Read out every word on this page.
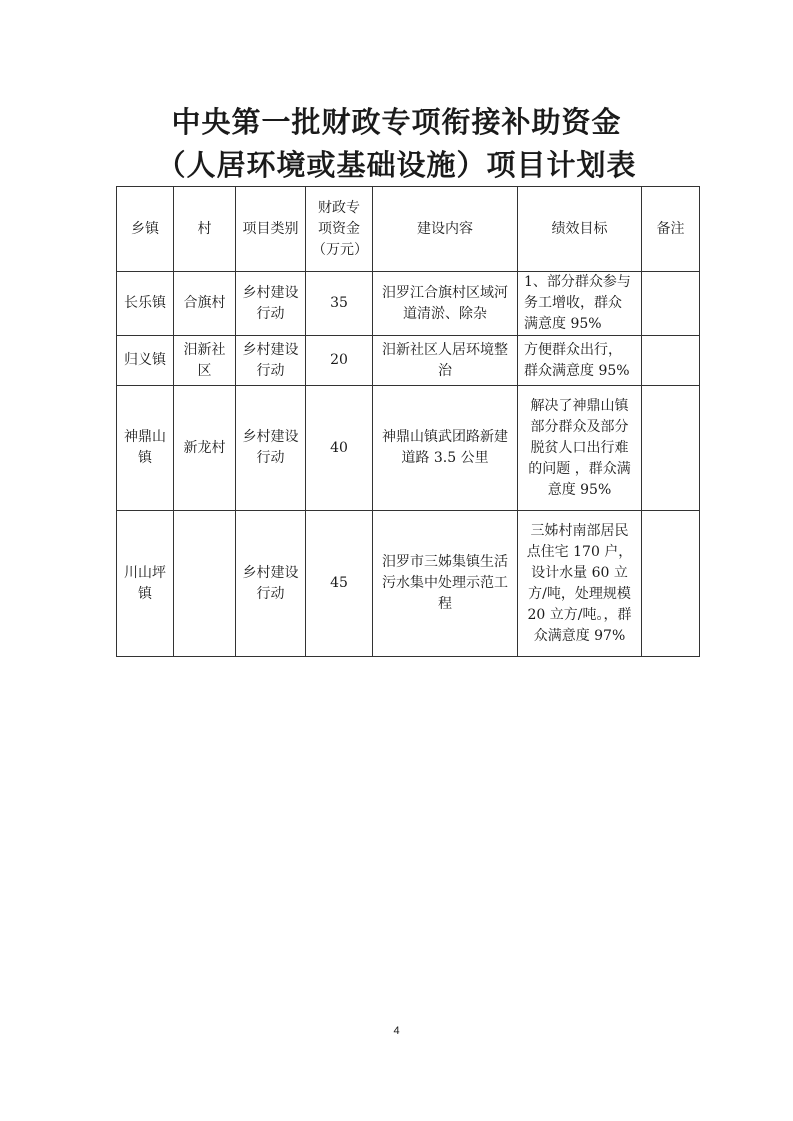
中央第一批财政专项衔接补助资金
（人居环境或基础设施）项目计划表
乡镇	村	项目类别	财政专项资金（万元）	建设内容	绩效目标	备注
长乐镇	合旗村	乡村建设行动	35	汨罗江合旗村区域河道清淤、除杂	1、部分群众参与务工增收，群众满意度 95%	
归义镇	汨新社区	乡村建设行动	20	汨新社区人居环境整治	方便群众出行，群众满意度 95%	
神鼎山镇	新龙村	乡村建设行动	40	神鼎山镇武团路新建道路 3.5 公里	解决了神鼎山镇部分群众及部分脱贫人口出行难的问题 ，群众满意度 95%	
川山坪镇		乡村建设行动	45	汨罗市三姊集镇生活污水集中处理示范工程	三姊村南部居民点住宅 170 户，设计水量 60 立方/吨，处理规模 20 立方/吨。，群众满意度 97%	
4
